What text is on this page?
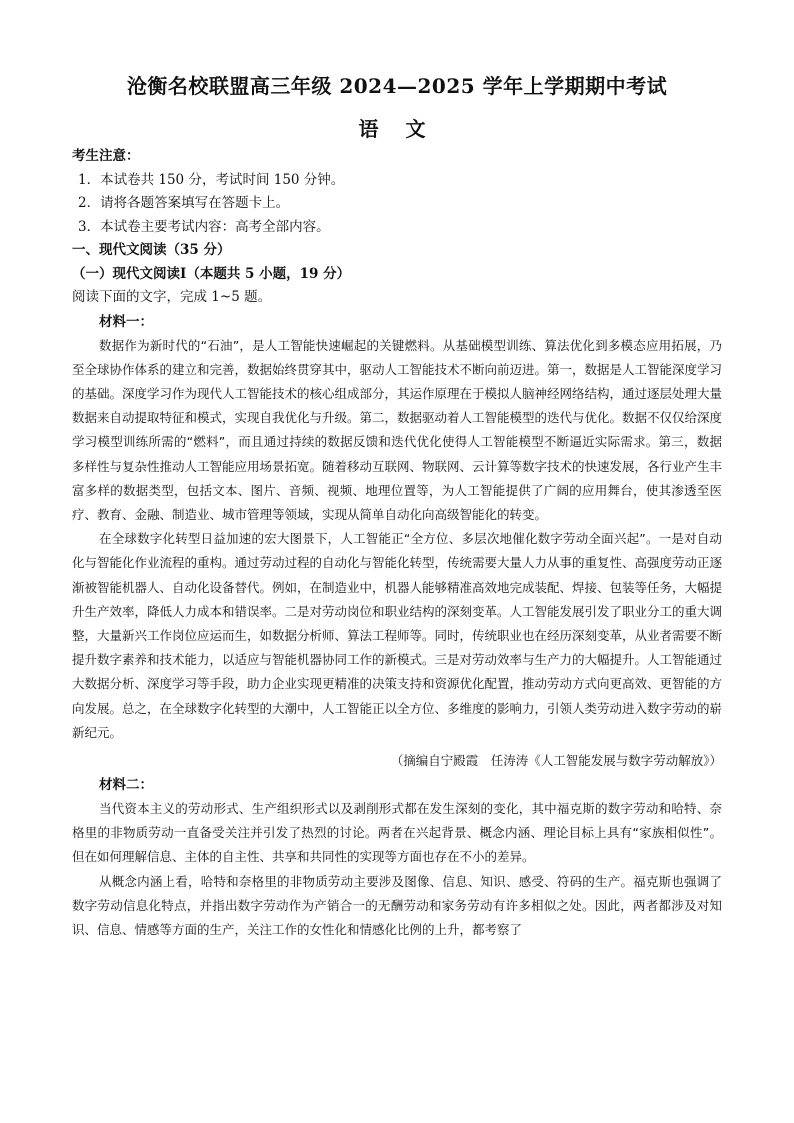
沧衡名校联盟高三年级 2024—2025 学年上学期期中考试
语 文
考生注意：
1．本试卷共 150 分，考试时间 150 分钟。
2．请将各题答案填写在答题卡上。
3．本试卷主要考试内容：高考全部内容。
一、现代文阅读（35 分）
（一）现代文阅读Ⅰ（本题共 5 小题，19 分）
阅读下面的文字，完成 1~5 题。
材料一：

数据作为新时代的“石油”，是人工智能快速崛起的关键燃料。从基础模型训练、算法优化到多模态应用拓展，乃至全球协作体系的建立和完善，数据始终贯穿其中，驱动人工智能技术不断向前迈进。第一，数据是人工智能深度学习的基础。深度学习作为现代人工智能技术的核心组成部分，其运作原理在于模拟人脑神经网络结构，通过逐层处理大量数据来自动提取特征和模式，实现自我优化与升级。第二，数据驱动着人工智能模型的迭代与优化。数据不仅仅给深度学习模型训练所需的“燃料”，而且通过持续的数据反馈和迭代优化使得人工智能模型不断逼近实际需求。第三，数据多样性与复杂性推动人工智能应用场景拓宽。随着移动互联网、物联网、云计算等数字技术的快速发展，各行业产生丰富多样的数据类型，包括文本、图片、音频、视频、地理位置等，为人工智能提供了广阔的应用舞台，使其渗透至医疗、教育、金融、制造业、城市管理等领域，实现从简单自动化向高级智能化的转变。

在全球数字化转型日益加速的宏大图景下，人工智能正“全方位、多层次地催化数字劳动全面兴起”。一是对自动化与智能化作业流程的重构。通过劳动过程的自动化与智能化转型，传统需要大量人力从事的重复性、高强度劳动正逐渐被智能机器人、自动化设备替代。例如，在制造业中，机器人能够精准高效地完成装配、焊接、包装等任务，大幅提升生产效率，降低人力成本和错误率。二是对劳动岗位和职业结构的深刻变革。人工智能发展引发了职业分工的重大调整，大量新兴工作岗位应运而生，如数据分析师、算法工程师等。同时，传统职业也在经历深刻变革，从业者需要不断提升数字素养和技术能力，以适应与智能机器协同工作的新模式。三是对劳动效率与生产力的大幅提升。人工智能通过大数据分析、深度学习等手段，助力企业实现更精准的决策支持和资源优化配置，推动劳动方式向更高效、更智能的方向发展。总之，在全球数字化转型的大潮中，人工智能正以全方位、多维度的影响力，引领人类劳动进入数字劳动的崭新纪元。

（摘编自宁殿霞　任涛涛《人工智能发展与数字劳动解放》）

材料二：

当代资本主义的劳动形式、生产组织形式以及剥削形式都在发生深刻的变化，其中福克斯的数字劳动和哈特、奈格里的非物质劳动一直备受关注并引发了热烈的讨论。两者在兴起背景、概念内涵、理论目标上具有“家族相似性”。但在如何理解信息、主体的自主性、共享和共同性的实现等方面也存在不小的差异。

从概念内涵上看，哈特和奈格里的非物质劳动主要涉及图像、信息、知识、感受、符码的生产。福克斯也强调了数字劳动信息化特点，并指出数字劳动作为产销合一的无酬劳动和家务劳动有许多相似之处。因此，两者都涉及对知识、信息、情感等方面的生产，关注工作的女性化和情感化比例的上升，都考察了
